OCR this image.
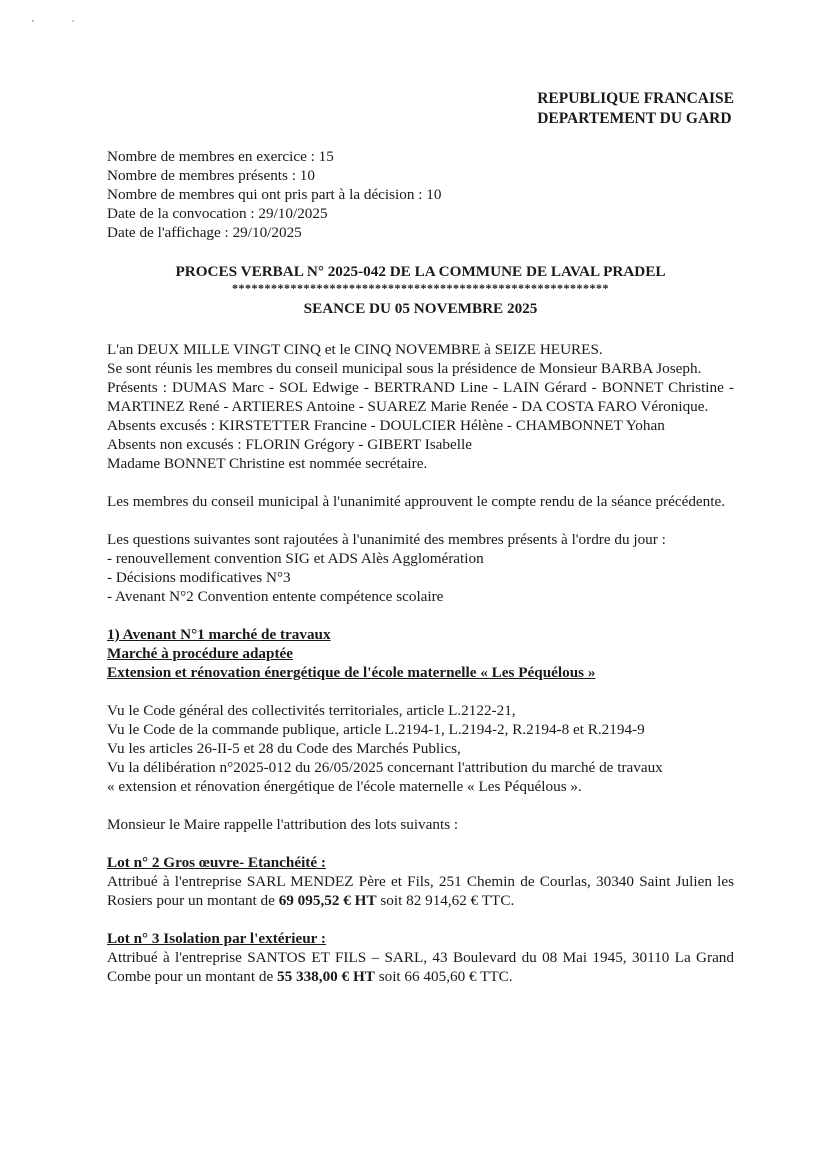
REPUBLIQUE FRANCAISE
DEPARTEMENT DU GARD
Nombre de membres en exercice : 15
Nombre de membres présents : 10
Nombre de membres qui ont pris part à la décision : 10
Date de la convocation : 29/10/2025
Date de l'affichage : 29/10/2025
PROCES VERBAL N° 2025-042 DE LA COMMUNE DE LAVAL PRADEL
**********************************************************
SEANCE DU 05 NOVEMBRE 2025
L'an DEUX MILLE VINGT CINQ et le CINQ NOVEMBRE à SEIZE HEURES.
Se sont réunis les membres du conseil municipal sous la présidence de Monsieur BARBA Joseph.
Présents : DUMAS Marc - SOL Edwige - BERTRAND Line - LAIN Gérard - BONNET Christine - MARTINEZ René - ARTIERES Antoine - SUAREZ Marie Renée - DA COSTA FARO Véronique.
Absents excusés : KIRSTETTER Francine - DOULCIER Hélène - CHAMBONNET Yohan
Absents non excusés : FLORIN Grégory - GIBERT Isabelle
Madame BONNET Christine est nommée secrétaire.
Les membres du conseil municipal à l'unanimité approuvent le compte rendu de la séance précédente.
Les questions suivantes sont rajoutées à l'unanimité des membres présents à l'ordre du jour :
- renouvellement convention SIG et ADS Alès Agglomération
- Décisions modificatives N°3
- Avenant N°2 Convention entente compétence scolaire
1) Avenant N°1 marché de travaux
Marché à procédure adaptée
Extension et rénovation énergétique de l'école maternelle « Les Péquélous »
Vu le Code général des collectivités territoriales, article L.2122-21,
Vu le Code de la commande publique, article L.2194-1, L.2194-2, R.2194-8 et R.2194-9
Vu les articles 26-II-5 et 28 du Code des Marchés Publics,
Vu la délibération n°2025-012 du 26/05/2025 concernant l'attribution du marché de travaux
« extension et rénovation énergétique de l'école maternelle « Les Péquélous ».
Monsieur le Maire rappelle l'attribution des lots suivants :
Lot n° 2 Gros œuvre- Etanchéité :
Attribué à l'entreprise SARL MENDEZ Père et Fils, 251 Chemin de Courlas, 30340 Saint Julien les Rosiers pour un montant de 69 095,52 € HT soit 82 914,62 € TTC.
Lot n° 3 Isolation par l'extérieur :
Attribué à l'entreprise SANTOS ET FILS – SARL, 43 Boulevard du 08 Mai 1945, 30110 La Grand Combe pour un montant de 55 338,00 € HT soit 66 405,60 € TTC.
